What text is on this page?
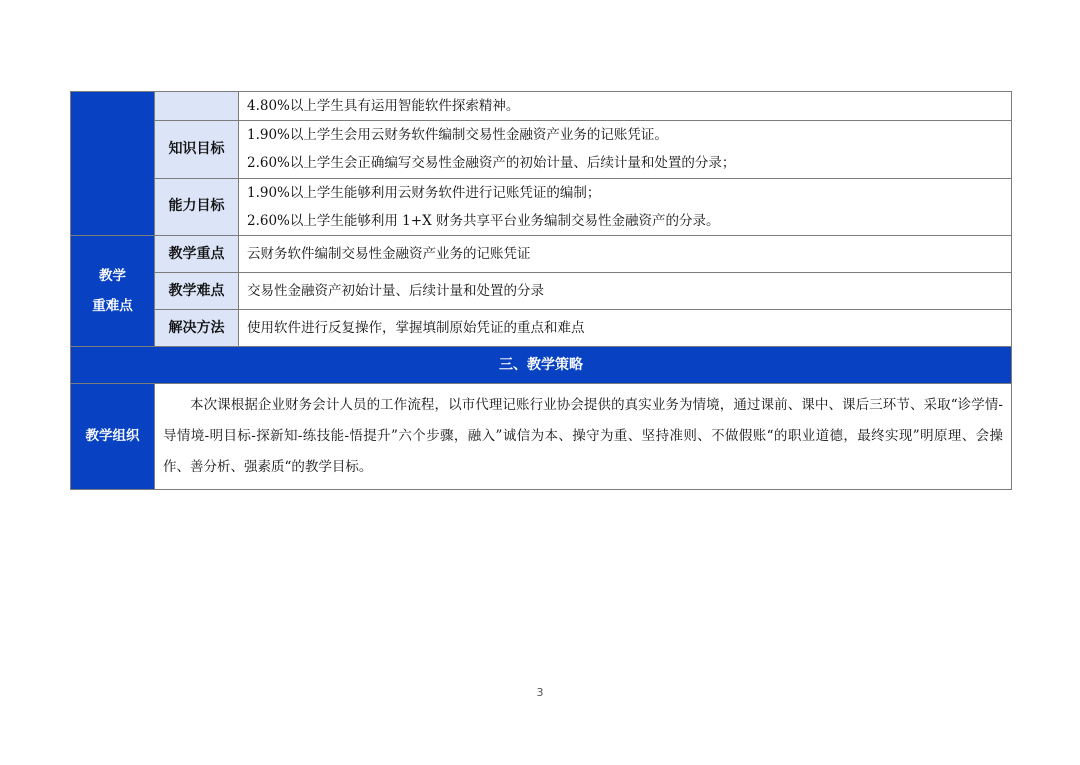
		4.80%以上学生具有运用智能软件探索精神。

	知识目标	1.90%以上学生会用云财务软件编制交易性金融资产业务的记账凭证。
2.60%以上学生会正确编写交易性金融资产的初始计量、后续计量和处置的分录；

	能力目标	1.90%以上学生能够利用云财务软件进行记账凭证的编制；
2.60%以上学生能够利用 1+X 财务共享平台业务编制交易性金融资产的分录。

教学
重难点	教学重点	云财务软件编制交易性金融资产业务的记账凭证
	教学难点	交易性金融资产初始计量、后续计量和处置的分录
	解决方法	使用软件进行反复操作，掌握填制原始凭证的重点和难点
三、教学策略		
教学组织	本次课根据企业财务会计人员的工作流程，以市代理记账行业协会提供的真实业务为情境，通过课前、课中、课后三环节、采取“诊学情-导情境-明目标-探新知-练技能-悟提升”六个步骤，融入”诚信为本、操守为重、坚持准则、不做假账“的职业道德，最终实现”明原理、会操作、善分析、强素质“的教学目标。	
3
